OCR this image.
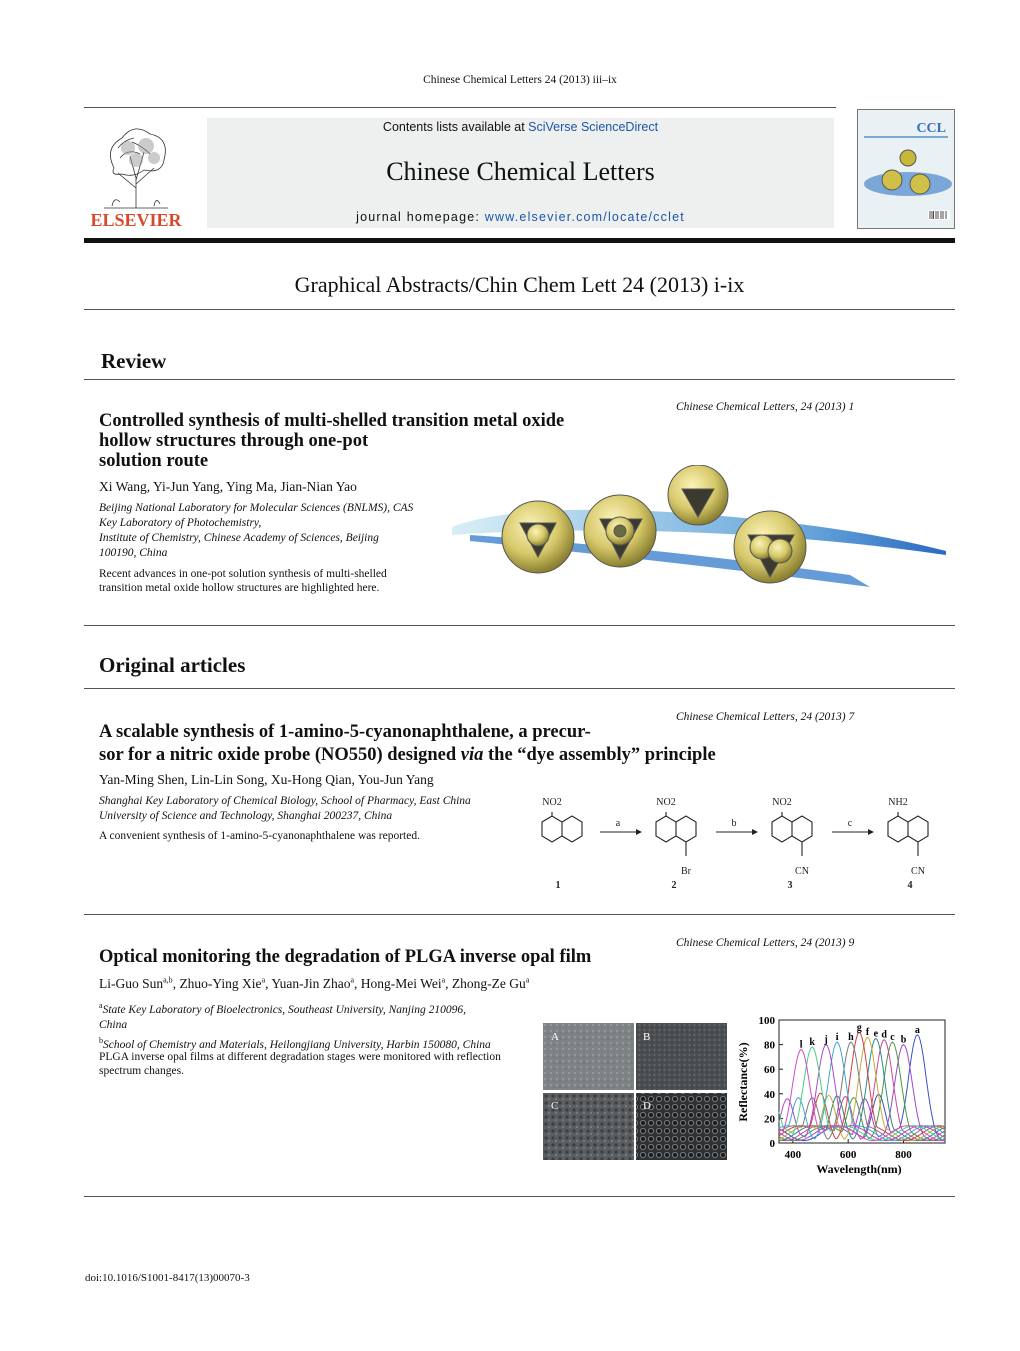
Chinese Chemical Letters 24 (2013) iii–ix
ELSEVIER
Contents lists available at SciVerse ScienceDirect
Chinese Chemical Letters
journal homepage: www.elsevier.com/locate/cclet
CCL
Graphical Abstracts/Chin Chem Lett 24 (2013) i-ix
Review
Chinese Chemical Letters, 24 (2013) 1
Controlled synthesis of multi-shelled transition metal oxide
hollow structures through one-pot
solution route
Xi Wang, Yi-Jun Yang, Ying Ma, Jian-Nian Yao
Beijing National Laboratory for Molecular Sciences (BNLMS), CAS
Key Laboratory of Photochemistry,
Institute of Chemistry, Chinese Academy of Sciences, Beijing
100190, China
Recent advances in one-pot solution synthesis of multi-shelled
transition metal oxide hollow structures are highlighted here.
Original articles
Chinese Chemical Letters, 24 (2013) 7
A scalable synthesis of 1-amino-5-cyanonaphthalene, a precur-
sor for a nitric oxide probe (NO550) designed via the “dye assembly” principle
Yan-Ming Shen, Lin-Lin Song, Xu-Hong Qian, You-Jun Yang
Shanghai Key Laboratory of Chemical Biology, School of Pharmacy, East China
University of Science and Technology, Shanghai 200237, China
A convenient synthesis of 1-amino-5-cyanonaphthalene was reported.
NO2	NO2	NO2	NH2
Br	CN	CN
a	b	c
1	2	3	4
Chinese Chemical Letters, 24 (2013) 9
Optical monitoring the degradation of PLGA inverse opal film
Li-Guo Sun$^{a,b}$, Zhuo-Ying Xie$^a$, Yuan-Jin Zhao$^a$, Hong-Mei Wei$^a$, Zhong-Ze Gu$^a$
$^a$State Key Laboratory of Bioelectronics, Southeast University, Nanjing 210096,
China
$^b$School of Chemistry and Materials, Heilongjiang University, Harbin 150080, China
PLGA inverse opal films at different degradation stages were monitored with reflection
spectrum changes.
A	B
C	D
0
20
40
60
80
100
400	600	800
a
b
c
d
e
f
g
h
i
j
k
l
Reflectance(%)
Wavelength(nm)
doi:10.1016/S1001-8417(13)00070-3
